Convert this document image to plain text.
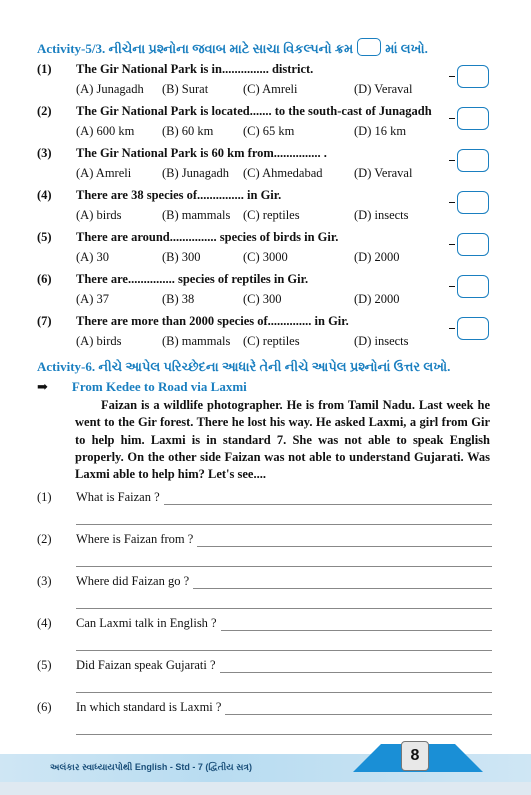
Activity-5/3. નીચેના પ્રશ્નોના જવાબ માટે સાચા વિકલ્પનો ક્રમ માં લખો.
(1) The Gir National Park is in............... district.
(A) Junagadh (B) Surat	(C) Amreli	(D) Veraval
(2) The Gir National Park is located....... to the south-cast of Junagadh
(A) 600 km (B) 60 km (C) 65 km	(D) 16 km
(3) The Gir National Park is 60 km from............... .
(A) Amreli (B) Junagadh (C) Ahmedabad	(D) Veraval
(4) There are 38 species of............... in Gir.
(A) birds	(B) mammals (C) reptiles	(D) insects
(5) There are around............... species of birds in Gir.
(A) 30	(B) 300	(C) 3000	(D) 2000
(6) There are............... species of reptiles in Gir.
(A) 37	(B) 38	(C) 300	(D) 2000
(7) There are more than 2000 species of.............. in Gir.
(A) birds	(B) mammals (C) reptiles	(D) insects
Activity-6. નીચે આપેલ પરિચ્છેદના આધારે તેની નીચે આપેલ પ્રશ્નોનાં ઉત્તર લખો.
➡ From Kedee to Road via Laxmi
Faizan is a wildlife photographer. He is from Tamil Nadu. Last week he went to the Gir forest. There he lost his way. He asked Laxmi, a girl from Gir to help him. Laxmi is in standard 7. She was not able to speak English properly. On the other side Faizan was not able to understand Gujarati. Was Laxmi able to help him? Let's see....
(1) What is Faizan ?
(2) Where is Faizan from ?
(3) Where did Faizan go ?
(4) Can Laxmi talk in English ?
(5) Did Faizan speak Gujarati ?
(6) In which standard is Laxmi ?
8
અલંકાર સ્વાધ્યાયપોથી English - Std - 7 (દ્વિતીય સત્ર)
